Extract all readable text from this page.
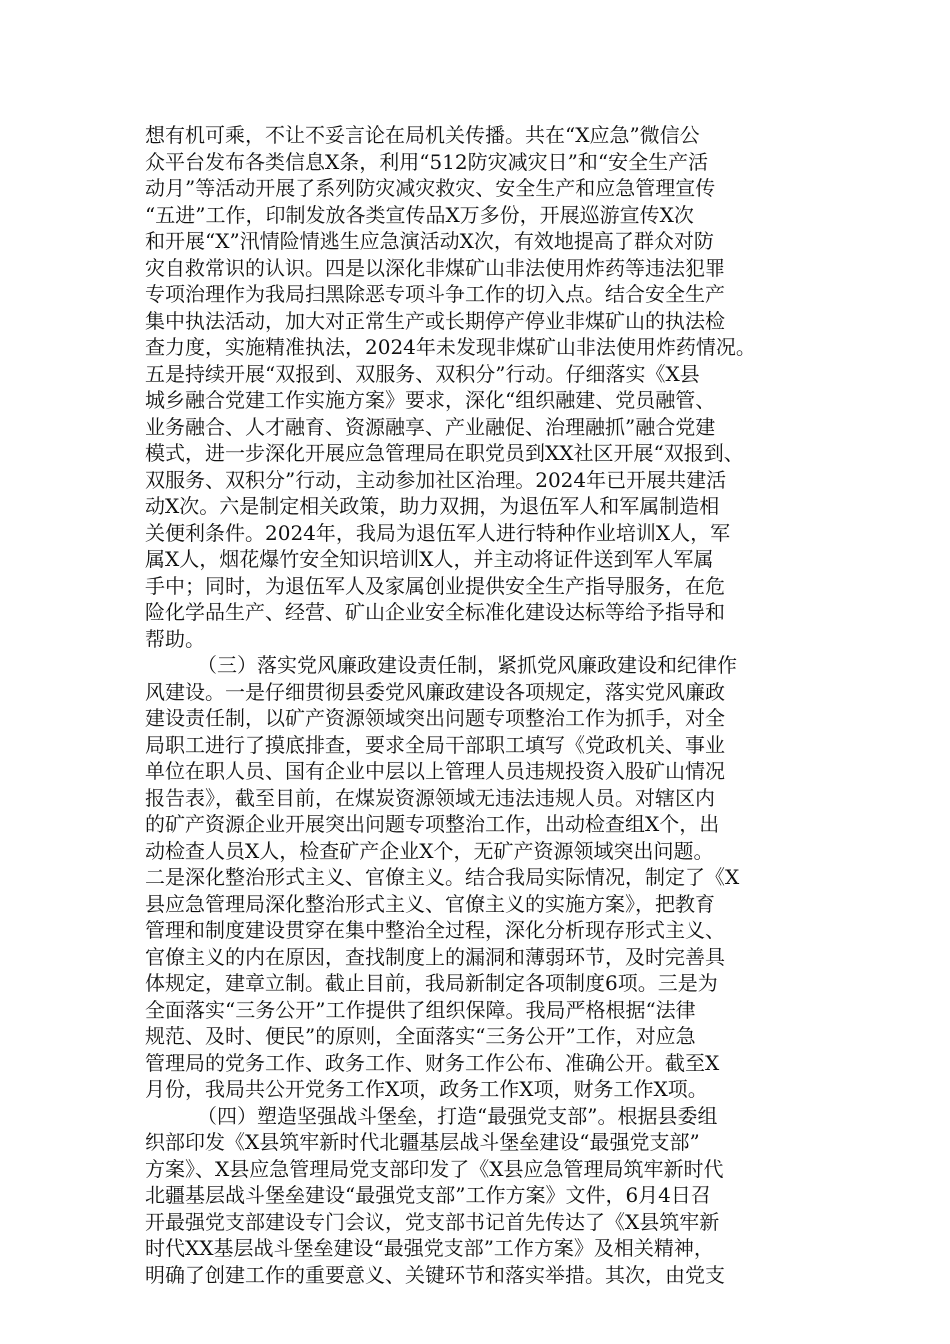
想有机可乘，不让不妥言论在局机关传播。共在“X应急”微信公
众平台发布各类信息X条，利用“512防灾减灾日”和“安全生产活
动月”等活动开展了系列防灾减灾救灾、安全生产和应急管理宣传
“五进”工作，印制发放各类宣传品X万多份，开展巡游宣传X次
和开展“X”汛情险情逃生应急演活动X次，有效地提高了群众对防
灾自救常识的认识。四是以深化非煤矿山非法使用炸药等违法犯罪
专项治理作为我局扫黑除恶专项斗争工作的切入点。结合安全生产
集中执法活动，加大对正常生产或长期停产停业非煤矿山的执法检
查力度，实施精准执法，2024年未发现非煤矿山非法使用炸药情况。
五是持续开展“双报到、双服务、双积分”行动。仔细落实《X县
城乡融合党建工作实施方案》要求，深化“组织融建、党员融管、
业务融合、人才融育、资源融享、产业融促、治理融抓”融合党建
模式，进一步深化开展应急管理局在职党员到XX社区开展“双报到、
双服务、双积分”行动，主动参加社区治理。2024年已开展共建活
动X次。六是制定相关政策，助力双拥，为退伍军人和军属制造相
关便利条件。2024年，我局为退伍军人进行特种作业培训X人，军
属X人，烟花爆竹安全知识培训X人，并主动将证件送到军人军属
手中；同时，为退伍军人及家属创业提供安全生产指导服务，在危
险化学品生产、经营、矿山企业安全标准化建设达标等给予指导和
帮助。
（三）落实党风廉政建设责任制，紧抓党风廉政建设和纪律作
风建设。一是仔细贯彻县委党风廉政建设各项规定，落实党风廉政
建设责任制，以矿产资源领域突出问题专项整治工作为抓手，对全
局职工进行了摸底排查，要求全局干部职工填写《党政机关、事业
单位在职人员、国有企业中层以上管理人员违规投资入股矿山情况
报告表》，截至目前，在煤炭资源领域无违法违规人员。对辖区内
的矿产资源企业开展突出问题专项整治工作，出动检查组X个，出
动检查人员X人，检查矿产企业X个，无矿产资源领域突出问题。
二是深化整治形式主义、官僚主义。结合我局实际情况，制定了《X
县应急管理局深化整治形式主义、官僚主义的实施方案》，把教育
管理和制度建设贯穿在集中整治全过程，深化分析现存形式主义、
官僚主义的内在原因，查找制度上的漏洞和薄弱环节，及时完善具
体规定，建章立制。截止目前，我局新制定各项制度6项。三是为
全面落实“三务公开”工作提供了组织保障。我局严格根据“法律
规范、及时、便民”的原则，全面落实“三务公开”工作，对应急
管理局的党务工作、政务工作、财务工作公布、准确公开。截至X
月份，我局共公开党务工作X项，政务工作X项，财务工作X项。
（四）塑造坚强战斗堡垒，打造“最强党支部”。根据县委组
织部印发《X县筑牢新时代北疆基层战斗堡垒建设“最强党支部”
方案》、X县应急管理局党支部印发了《X县应急管理局筑牢新时代
北疆基层战斗堡垒建设“最强党支部”工作方案》文件，6月4日召
开最强党支部建设专门会议，党支部书记首先传达了《X县筑牢新
时代XX基层战斗堡垒建设“最强党支部”工作方案》及相关精神，
明确了创建工作的重要意义、关键环节和落实举措。其次，由党支
